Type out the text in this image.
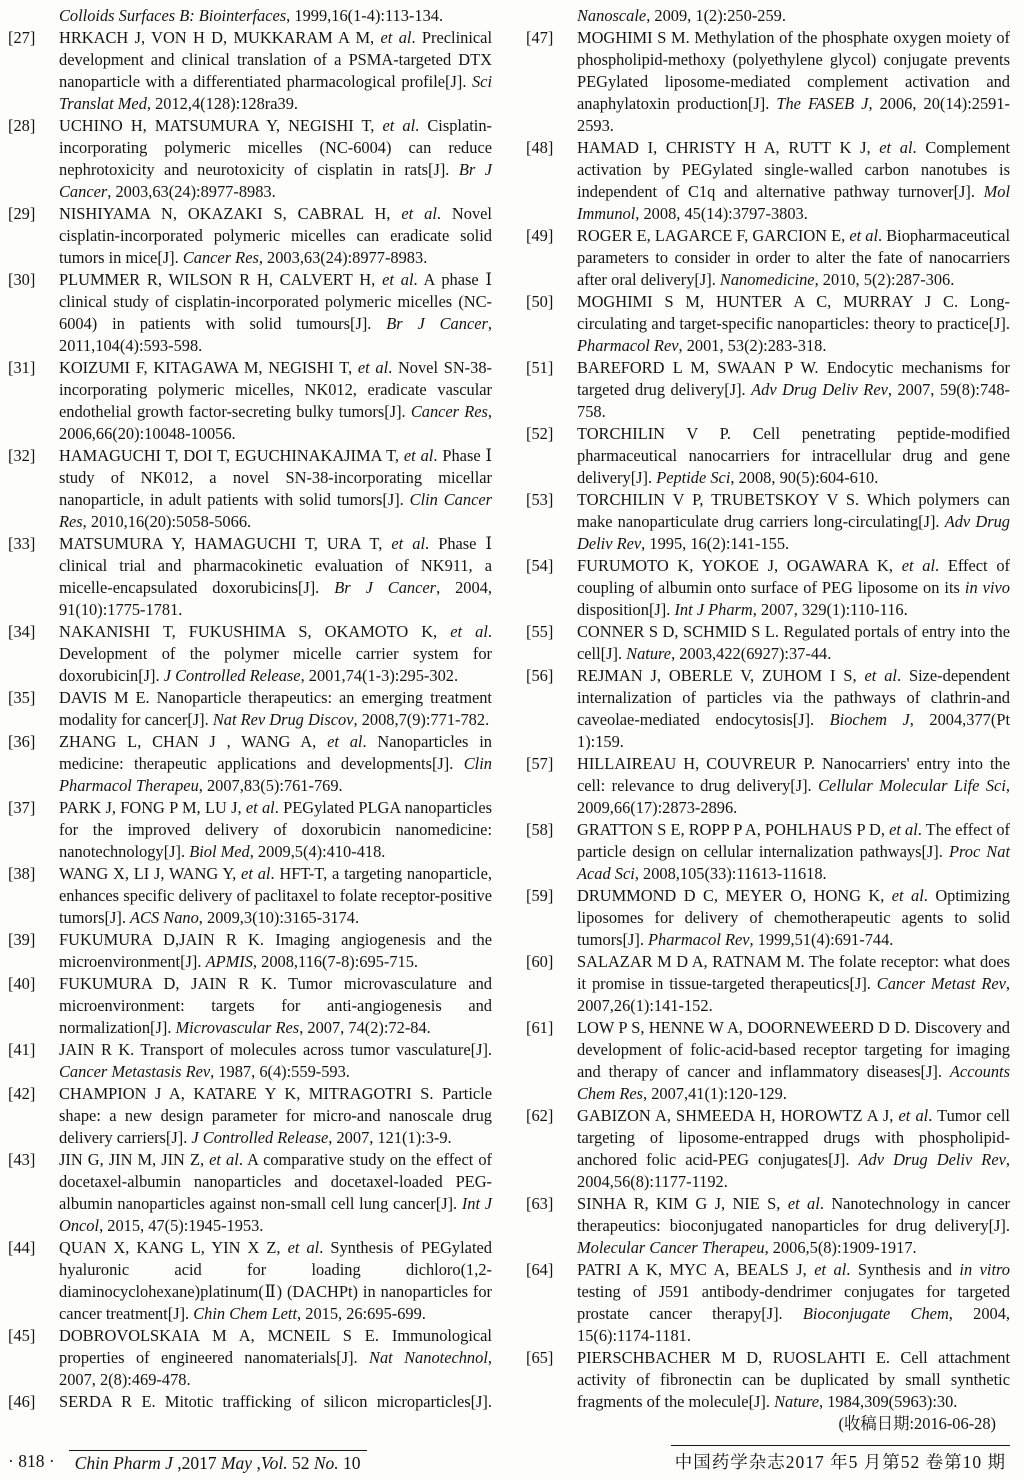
Colloids Surfaces B: Biointerfaces, 1999,16(1-4):113-134.
[27]	HRKACH J, VON H D, MUKKARAM A M, et al. Preclinical development and clinical translation of a PSMA-targeted DTX nanoparticle with a differentiated pharmacological profile[J]. Sci Translat Med, 2012,4(128):128ra39.
[28]	UCHINO H, MATSUMURA Y, NEGISHI T, et al. Cisplatin-incorporating polymeric micelles (NC-6004) can reduce nephrotoxicity and neurotoxicity of cisplatin in rats[J]. Br J Cancer, 2003,63(24):8977-8983.
[29]	NISHIYAMA N, OKAZAKI S, CABRAL H, et al. Novel cisplatin-incorporated polymeric micelles can eradicate solid tumors in mice[J]. Cancer Res, 2003,63(24):8977-8983.
[30]	PLUMMER R, WILSON R H, CALVERT H, et al. A phase Ⅰ clinical study of cisplatin-incorporated polymeric micelles (NC-6004) in patients with solid tumours[J]. Br J Cancer, 2011,104(4):593-598.
[31]	KOIZUMI F, KITAGAWA M, NEGISHI T, et al. Novel SN-38-incorporating polymeric micelles, NK012, eradicate vascular endothelial growth factor-secreting bulky tumors[J]. Cancer Res, 2006,66(20):10048-10056.
[32]	HAMAGUCHI T, DOI T, EGUCHINAKAJIMA T, et al. Phase Ⅰ study of NK012, a novel SN-38-incorporating micellar nanoparticle, in adult patients with solid tumors[J]. Clin Cancer Res, 2010,16(20):5058-5066.
[33]	MATSUMURA Y, HAMAGUCHI T, URA T, et al. Phase Ⅰ clinical trial and pharmacokinetic evaluation of NK911, a micelle-encapsulated doxorubicins[J]. Br J Cancer, 2004, 91(10):1775-1781.
[34]	NAKANISHI T, FUKUSHIMA S, OKAMOTO K, et al. Development of the polymer micelle carrier system for doxorubicin[J]. J Controlled Release, 2001,74(1-3):295-302.
[35]	DAVIS M E. Nanoparticle therapeutics: an emerging treatment modality for cancer[J]. Nat Rev Drug Discov, 2008,7(9):771-782.
[36]	ZHANG L, CHAN J , WANG A, et al. Nanoparticles in medicine: therapeutic applications and developments[J]. Clin Pharmacol Therapeu, 2007,83(5):761-769.
[37]	PARK J, FONG P M, LU J, et al. PEGylated PLGA nanoparticles for the improved delivery of doxorubicin nanomedicine: nanotechnology[J]. Biol Med, 2009,5(4):410-418.
[38]	WANG X, LI J, WANG Y, et al. HFT-T, a targeting nanoparticle, enhances specific delivery of paclitaxel to folate receptor-positive tumors[J]. ACS Nano, 2009,3(10):3165-3174.
[39]	FUKUMURA D,JAIN R K. Imaging angiogenesis and the microenvironment[J]. APMIS, 2008,116(7-8):695-715.
[40]	FUKUMURA D, JAIN R K. Tumor microvasculature and microenvironment: targets for anti-angiogenesis and normalization[J]. Microvascular Res, 2007, 74(2):72-84.
[41]	JAIN R K. Transport of molecules across tumor vasculature[J]. Cancer Metastasis Rev, 1987, 6(4):559-593.
[42]	CHAMPION J A, KATARE Y K, MITRAGOTRI S. Particle shape: a new design parameter for micro-and nanoscale drug delivery carriers[J]. J Controlled Release, 2007, 121(1):3-9.
[43]	JIN G, JIN M, JIN Z, et al. A comparative study on the effect of docetaxel-albumin nanoparticles and docetaxel-loaded PEG-albumin nanoparticles against non-small cell lung cancer[J]. Int J Oncol, 2015, 47(5):1945-1953.
[44]	QUAN X, KANG L, YIN X Z, et al. Synthesis of PEGylated hyaluronic acid for loading dichloro(1,2-diaminocyclohexane)platinum(Ⅱ) (DACHPt) in nanoparticles for cancer treatment[J]. Chin Chem Lett, 2015, 26:695-699.
[45]	DOBROVOLSKAIA M A, MCNEIL S E. Immunological properties of engineered nanomaterials[J]. Nat Nanotechnol, 2007, 2(8):469-478.
[46]	SERDA R E. Mitotic trafficking of silicon microparticles[J].
Nanoscale, 2009, 1(2):250-259.
[47]	MOGHIMI S M. Methylation of the phosphate oxygen moiety of phospholipid-methoxy (polyethylene glycol) conjugate prevents PEGylated liposome-mediated complement activation and anaphylatoxin production[J]. The FASEB J, 2006, 20(14):2591-2593.
[48]	HAMAD I, CHRISTY H A, RUTT K J, et al. Complement activation by PEGylated single-walled carbon nanotubes is independent of C1q and alternative pathway turnover[J]. Mol Immunol, 2008, 45(14):3797-3803.
[49]	ROGER E, LAGARCE F, GARCION E, et al. Biopharmaceutical parameters to consider in order to alter the fate of nanocarriers after oral delivery[J]. Nanomedicine, 2010, 5(2):287-306.
[50]	MOGHIMI S M, HUNTER A C, MURRAY J C. Long-circulating and target-specific nanoparticles: theory to practice[J]. Pharmacol Rev, 2001, 53(2):283-318.
[51]	BAREFORD L M, SWAAN P W. Endocytic mechanisms for targeted drug delivery[J]. Adv Drug Deliv Rev, 2007, 59(8):748-758.
[52]	TORCHILIN V P. Cell penetrating peptide-modified pharmaceutical nanocarriers for intracellular drug and gene delivery[J]. Peptide Sci, 2008, 90(5):604-610.
[53]	TORCHILIN V P, TRUBETSKOY V S. Which polymers can make nanoparticulate drug carriers long-circulating[J]. Adv Drug Deliv Rev, 1995, 16(2):141-155.
[54]	FURUMOTO K, YOKOE J, OGAWARA K, et al. Effect of coupling of albumin onto surface of PEG liposome on its in vivo disposition[J]. Int J Pharm, 2007, 329(1):110-116.
[55]	CONNER S D, SCHMID S L. Regulated portals of entry into the cell[J]. Nature, 2003,422(6927):37-44.
[56]	REJMAN J, OBERLE V, ZUHOM I S, et al. Size-dependent internalization of particles via the pathways of clathrin-and caveolae-mediated endocytosis[J]. Biochem J, 2004,377(Pt 1):159.
[57]	HILLAIREAU H, COUVREUR P. Nanocarriers' entry into the cell: relevance to drug delivery[J]. Cellular Molecular Life Sci, 2009,66(17):2873-2896.
[58]	GRATTON S E, ROPP P A, POHLHAUS P D, et al. The effect of particle design on cellular internalization pathways[J]. Proc Nat Acad Sci, 2008,105(33):11613-11618.
[59]	DRUMMOND D C, MEYER O, HONG K, et al. Optimizing liposomes for delivery of chemotherapeutic agents to solid tumors[J]. Pharmacol Rev, 1999,51(4):691-744.
[60]	SALAZAR M D A, RATNAM M. The folate receptor: what does it promise in tissue-targeted therapeutics[J]. Cancer Metast Rev, 2007,26(1):141-152.
[61]	LOW P S, HENNE W A, DOORNEWEERD D D. Discovery and development of folic-acid-based receptor targeting for imaging and therapy of cancer and inflammatory diseases[J]. Accounts Chem Res, 2007,41(1):120-129.
[62]	GABIZON A, SHMEEDA H, HOROWTZ A J, et al. Tumor cell targeting of liposome-entrapped drugs with phospholipid-anchored folic acid-PEG conjugates[J]. Adv Drug Deliv Rev, 2004,56(8):1177-1192.
[63]	SINHA R, KIM G J, NIE S, et al. Nanotechnology in cancer therapeutics: bioconjugated nanoparticles for drug delivery[J]. Molecular Cancer Therapeu, 2006,5(8):1909-1917.
[64]	PATRI A K, MYC A, BEALS J, et al. Synthesis and in vitro testing of J591 antibody-dendrimer conjugates for targeted prostate cancer therapy[J]. Bioconjugate Chem, 2004, 15(6):1174-1181.
[65]	PIERSCHBACHER M D, RUOSLAHTI E. Cell attachment activity of fibronectin can be duplicated by small synthetic fragments of the molecule[J]. Nature, 1984,309(5963):30.
(收稿日期:2016-06-28)
· 818 ·	Chin Pharm J ,2017 May ,Vol. 52 No. 10	中国药学杂志2017 年5 月第52 卷第10 期
